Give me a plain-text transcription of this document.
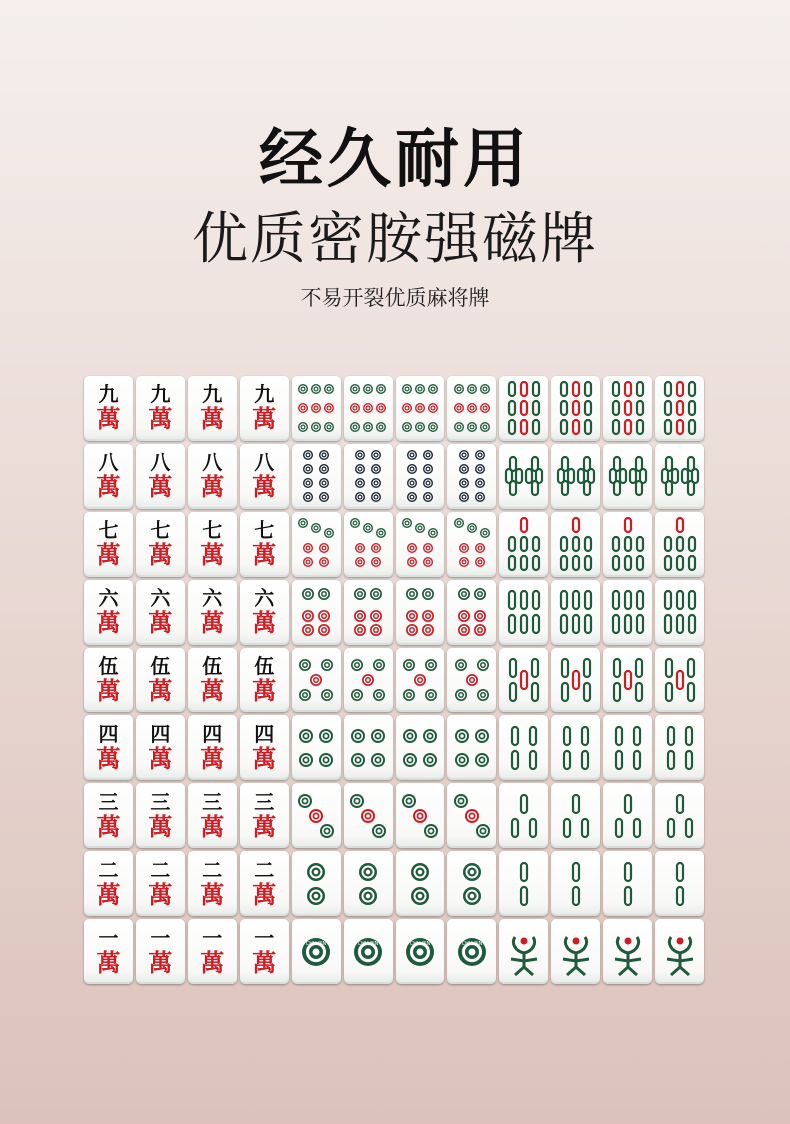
经久耐用
优质密胺强磁牌
不易开裂优质麻将牌
九
萬
九
萬
九
萬
九
萬
八
萬
八
萬
八
萬
八
萬
七
萬
七
萬
七
萬
七
萬
六
萬
六
萬
六
萬
六
萬
伍
萬
伍
萬
伍
萬
伍
萬
四
萬
四
萬
四
萬
四
萬
三
萬
三
萬
三
萬
三
萬
二
萬
二
萬
二
萬
二
萬
一
萬
一
萬
一
萬
一
萬
CHU PIN	CHU PIN	CHU PIN	CHU PIN
